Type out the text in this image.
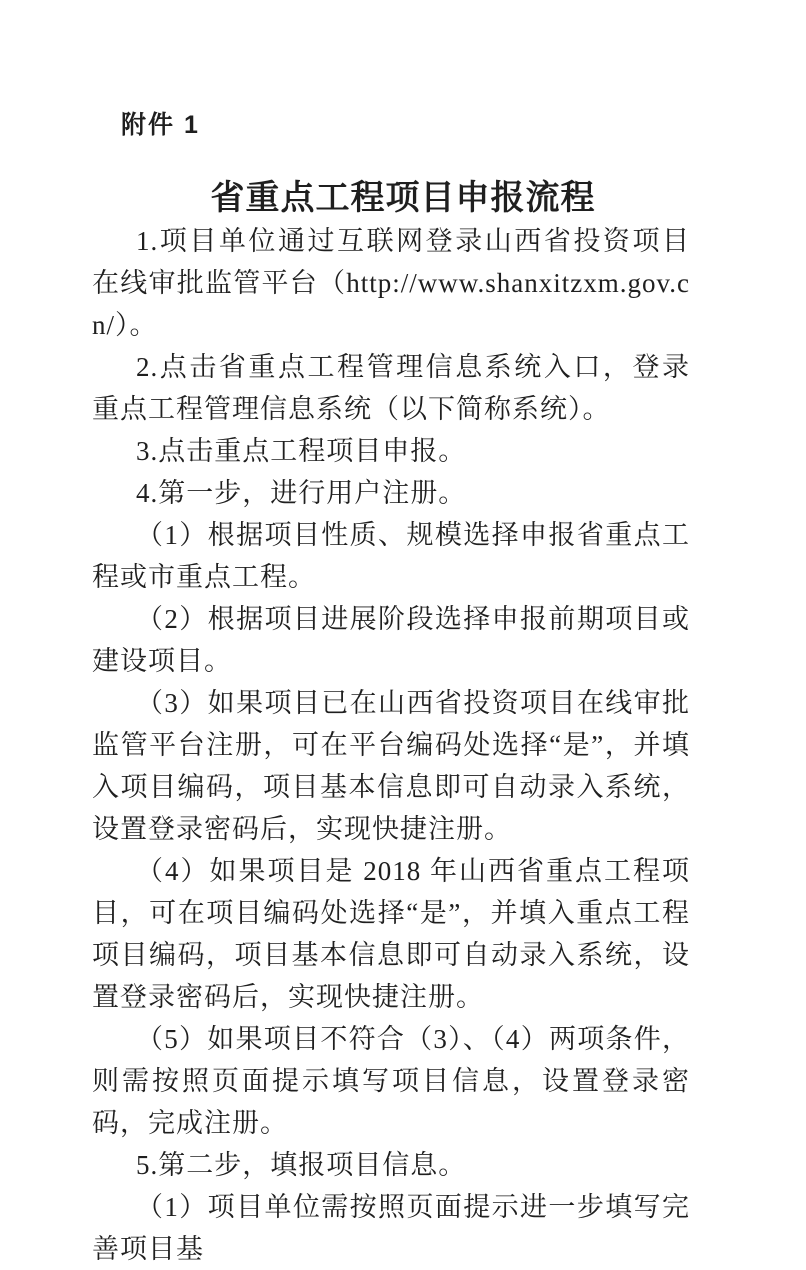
附件 1
省重点工程项目申报流程

1.项目单位通过互联网登录山西省投资项目在线审批监管平台（http://www.shanxitzxm.gov.cn/）。

2.点击省重点工程管理信息系统入口，登录重点工程管理信息系统（以下简称系统）。

3.点击重点工程项目申报。

4.第一步，进行用户注册。

（1）根据项目性质、规模选择申报省重点工程或市重点工程。

（2）根据项目进展阶段选择申报前期项目或建设项目。

（3）如果项目已在山西省投资项目在线审批监管平台注册，可在平台编码处选择“是”，并填入项目编码，项目基本信息即可自动录入系统，设置登录密码后，实现快捷注册。

（4）如果项目是 2018 年山西省重点工程项目，可在项目编码处选择“是”，并填入重点工程项目编码，项目基本信息即可自动录入系统，设置登录密码后，实现快捷注册。

（5）如果项目不符合（3）、（4）两项条件，则需按照页面提示填写项目信息，设置登录密码，完成注册。

5.第二步，填报项目信息。

（1）项目单位需按照页面提示进一步填写完善项目基
